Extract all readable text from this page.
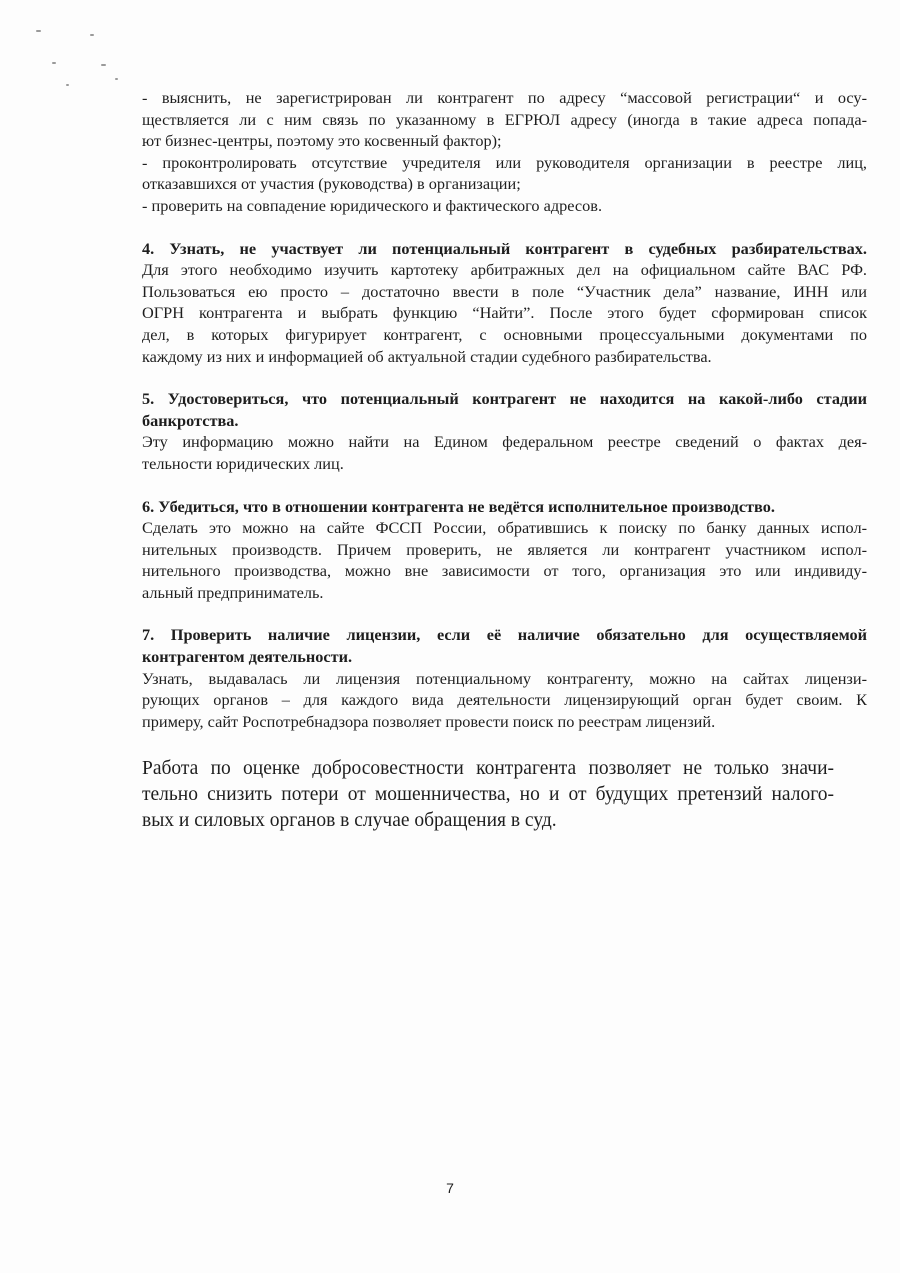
- выяснить, не зарегистрирован ли контрагент по адресу “массовой регистрации“ и осу-

ществляется ли с ним связь по указанному в ЕГРЮЛ адресу (иногда в такие адреса попада-

ют бизнес-центры, поэтому это косвенный фактор);

- проконтролировать отсутствие учредителя или руководителя организации в реестре лиц,

отказавшихся от участия (руководства) в организации;

- проверить на совпадение юридического и фактического адресов.

4. Узнать, не участвует ли потенциальный контрагент в судебных разбирательствах.

Для этого необходимо изучить картотеку арбитражных дел на официальном сайте ВАС РФ.

Пользоваться ею просто – достаточно ввести в поле “Участник дела” название, ИНН или

ОГРН контрагента и выбрать функцию “Найти”. После этого будет сформирован список

дел, в которых фигурирует контрагент, с основными процессуальными документами по

каждому из них и информацией об актуальной стадии судебного разбирательства.

5. Удостовериться, что потенциальный контрагент не находится на какой-либо стадии

банкротства.

Эту информацию можно найти на Едином федеральном реестре сведений о фактах дея-

тельности юридических лиц.

6. Убедиться, что в отношении контрагента не ведётся исполнительное производство.

Сделать это можно на сайте ФССП России, обратившись к поиску по банку данных испол-

нительных производств. Причем проверить, не является ли контрагент участником испол-

нительного производства, можно вне зависимости от того, организация это или индивиду-

альный предприниматель.

7. Проверить наличие лицензии, если её наличие обязательно для осуществляемой

контрагентом деятельности.

Узнать, выдавалась ли лицензия потенциальному контрагенту, можно на сайтах лицензи-

рующих органов – для каждого вида деятельности лицензирующий орган будет своим. К

примеру, сайт Роспотребнадзора позволяет провести поиск по реестрам лицензий.

Работа по оценке добросовестности контрагента позволяет не только значи-

тельно снизить потери от мошенничества, но и от будущих претензий налого-

вых и силовых органов в случае обращения в суд.

7
